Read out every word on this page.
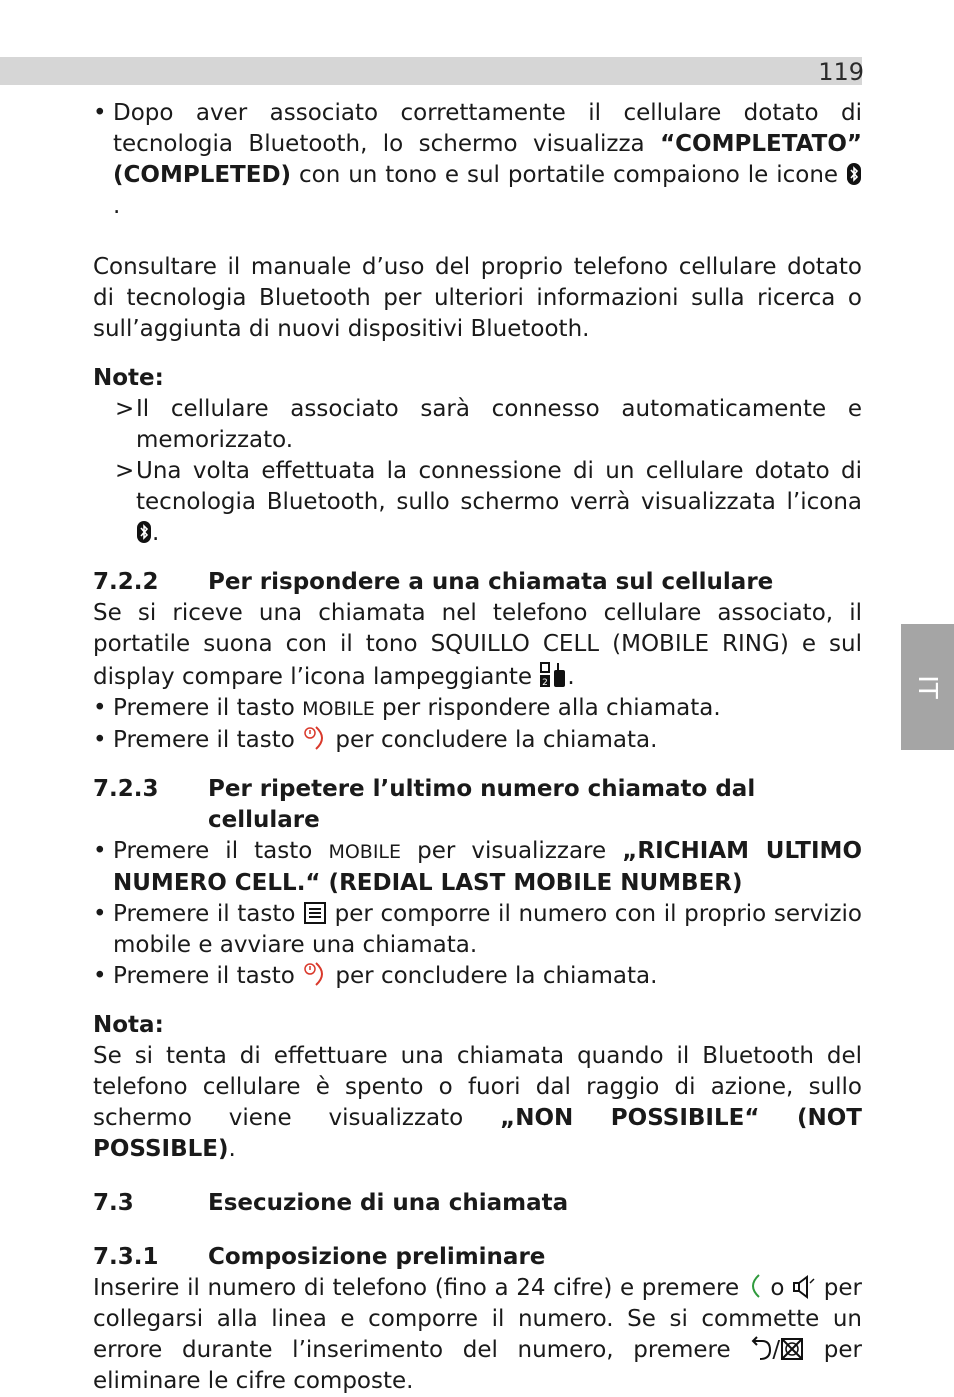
119
IT
• Dopo aver associato correttamente il cellulare dotato di tecnologia Bluetooth, lo schermo visualizza “COMPLETATO” (COMPLETED) con un tono e sul portatile compaiono le icone .

Consultare il manuale d’uso del proprio telefono cellulare dotato di tecnologia Bluetooth per ulteriori informazioni sulla ricerca o sull’aggiunta di nuovi dispositivi Bluetooth.

Note:
> Il cellulare associato sarà connesso automaticamente e memorizzato.
> Una volta effettuata la connessione di un cellulare dotato di tecnologia Bluetooth, sullo schermo verrà visualizzata l’icona .
7.2.2	Per rispondere a una chiamata sul cellulare

Se si riceve una chiamata nel telefono cellulare associato, il portatile suona con il tono SQUILLO CELL (MOBILE RING) e sul display compare l’icona lampeggiante 2 .

• Premere il tasto MOBILE per rispondere alla chiamata.
• Premere il tasto  per concludere la chiamata.
7.2.3	Per ripetere l’ultimo numero chiamato dal cellulare
• Premere il tasto MOBILE per visualizzare „RICHIAM ULTIMO NUMERO CELL.“ (REDIAL LAST MOBILE NUMBER)
• Premere il tasto  per comporre il numero con il proprio servizio mobile e avviare una chiamata.
• Premere il tasto  per concludere la chiamata.
Nota:

Se si tenta di effettuare una chiamata quando il Bluetooth del telefono cellulare è spento o fuori dal raggio di azione, sullo schermo viene visualizzato „NON POSSIBILE“ (NOT POSSIBLE).

7.3	Esecuzione di una chiamata
7.3.1	Composizione preliminare

Inserire il numero di telefono (fino a 24 cifre) e premere  o  per collegarsi alla linea e comporre il numero. Se si commette un errore durante l’inserimento del numero, premere / per eliminare le cifre composte.
